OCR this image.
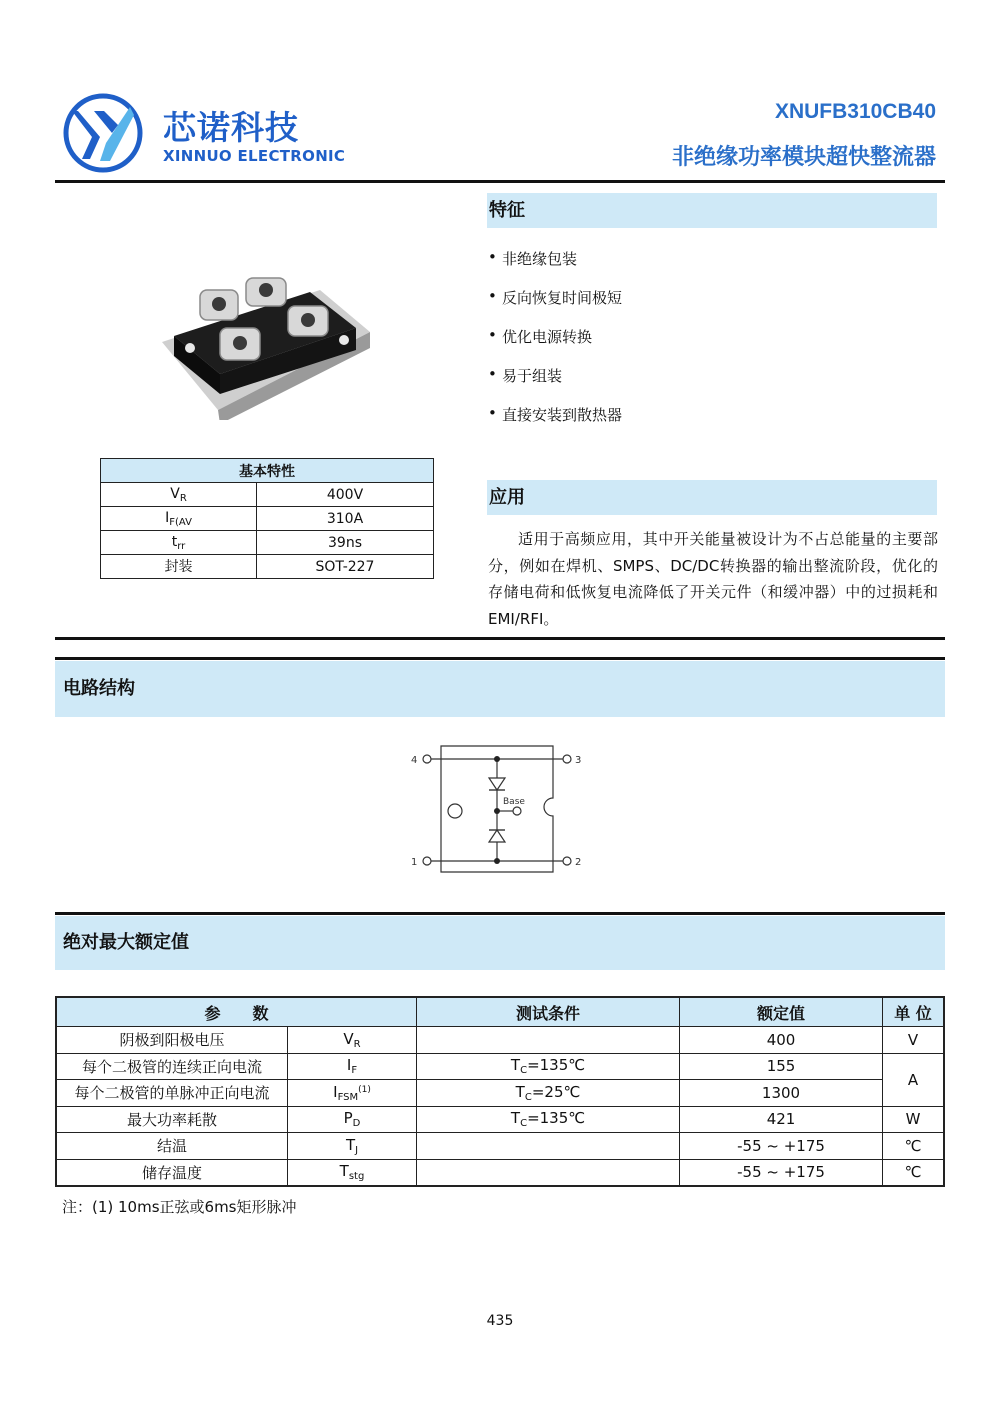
芯诺科技
XINNUO ELECTRONIC
XNUFB310CB40
非绝缘功率模块超快整流器
基本特性	
$V_R$	400V
$I_{F(AV}$	310A
$t_{rr}$	39ns
封装	SOT-227
特征
• 非绝缘包装
• 反向恢复时间极短
• 优化电源转换
• 易于组装
• 直接安装到散热器
应用
适用于高频应用，其中开关能量被设计为不占总能量的主要部分，例如在焊机、SMPS、DC/DC转换器的输出整流阶段，优化的存储电荷和低恢复电流降低了开关元件（和缓冲器）中的过损耗和EMI/RFI。
电路结构
4	3
1	2
Base
绝对最大额定值
参　　数		测试条件	额定值	单 位
阴极到阳极电压	$V_R$		400	V
每个二极管的连续正向电流	$I_F$	$T_C=135℃$	155	A
每个二极管的单脉冲正向电流	$I_{FSM}^{(1)}$	$T_C=25℃$	1300	
最大功率耗散	$P_D$	$T_C=135℃$	421	W
结温	$T_J$		-55 ~ +175	℃
储存温度	$T_{stg}$		-55 ~ +175	℃
注：(1) 10ms正弦或6ms矩形脉冲
435
